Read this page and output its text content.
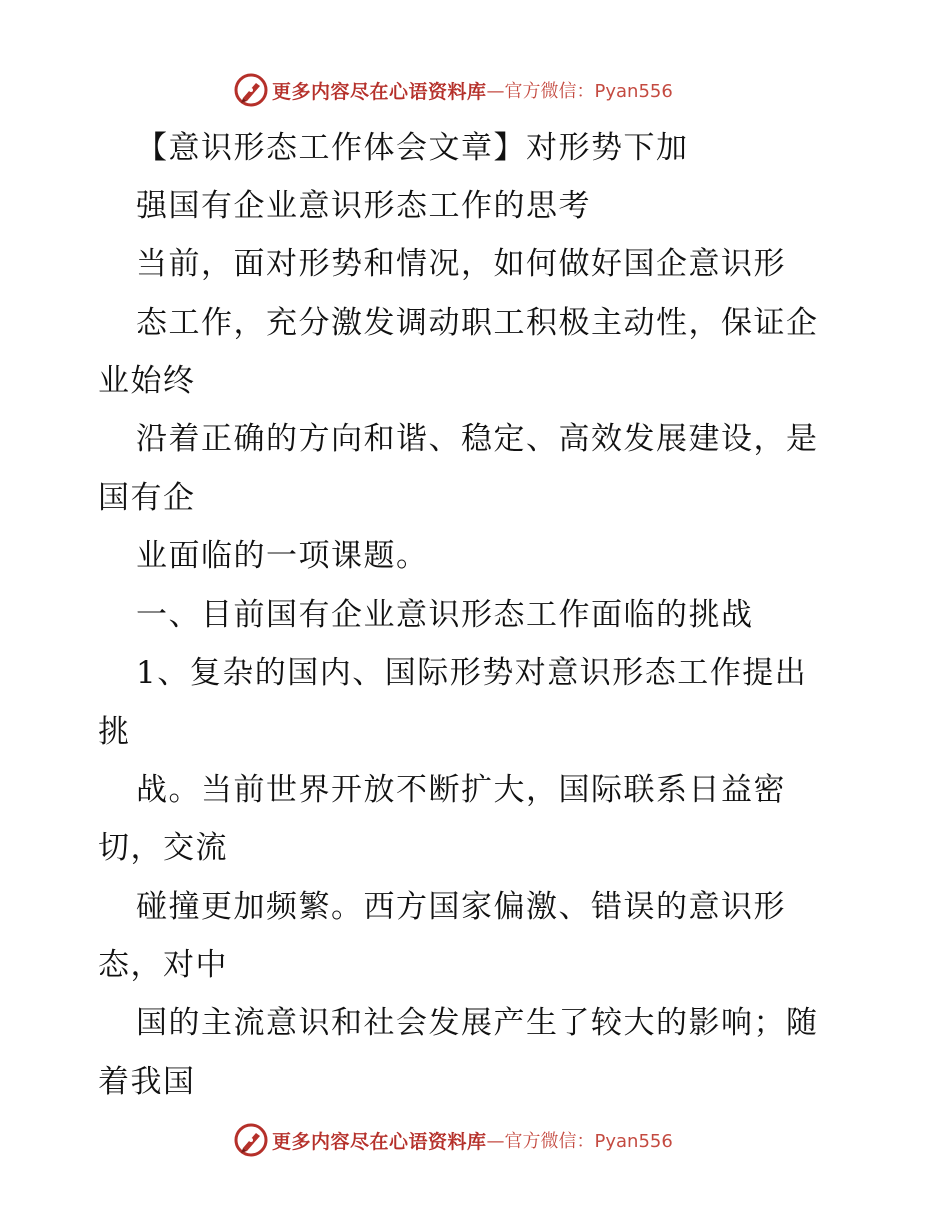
更多内容尽在心语资料库 —官方微信：Pyan556
【意识形态工作体会文章】对形势下加
强国有企业意识形态工作的思考
当前，面对形势和情况，如何做好国企意识形
态工作，充分激发调动职工积极主动性，保证企
业始终
沿着正确的方向和谐、稳定、高效发展建设，是
国有企
业面临的一项课题。
一、目前国有企业意识形态工作面临的挑战
1、复杂的国内、国际形势对意识形态工作提出
挑
战。当前世界开放不断扩大，国际联系日益密
切，交流
碰撞更加频繁。西方国家偏激、错误的意识形
态，对中
国的主流意识和社会发展产生了较大的影响；随
着我国
更多内容尽在心语资料库 —官方微信：Pyan556
